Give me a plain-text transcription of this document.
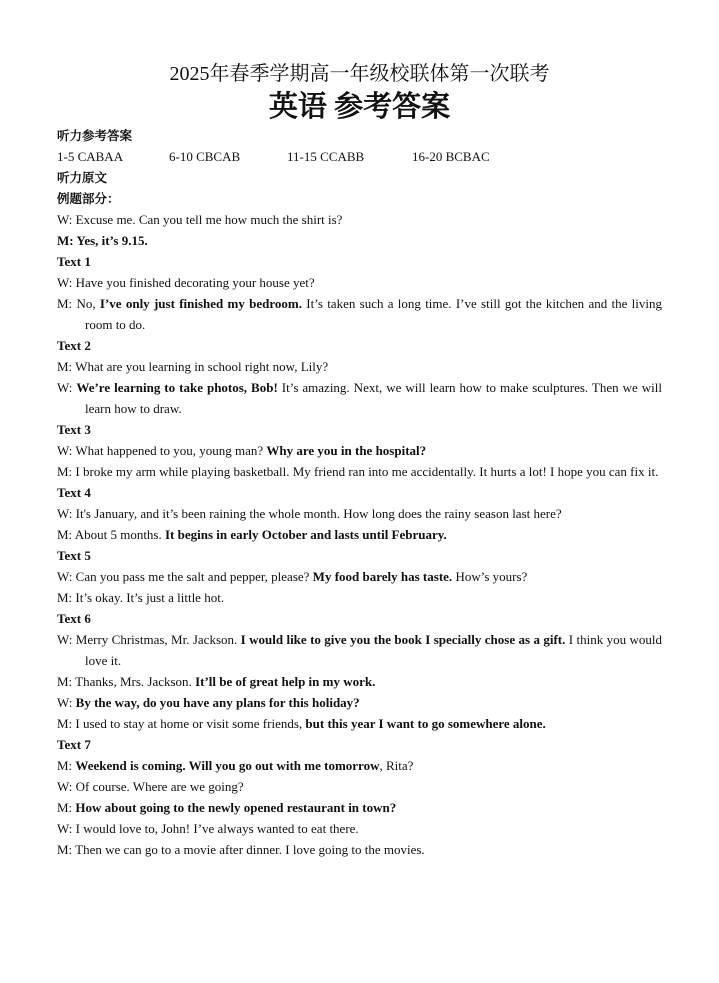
2025年春季学期高一年级校联体第一次联考
英语 参考答案

听力参考答案

1-5 CABAA	6-10 CBCAB	11-15 CCABB	16-20 BCBAC

听力原文

例题部分：

W: Excuse me. Can you tell me how much the shirt is?

M: Yes, it’s 9.15.

Text 1

W: Have you finished decorating your house yet?

M: No, I’ve only just finished my bedroom. It’s taken such a long time. I’ve still got the kitchen and the living room to do.

Text 2

M: What are you learning in school right now, Lily?

W: We’re learning to take photos, Bob! It’s amazing. Next, we will learn how to make sculptures. Then we will learn how to draw.

Text 3

W: What happened to you, young man? Why are you in the hospital?

M: I broke my arm while playing basketball. My friend ran into me accidentally. It hurts a lot! I hope you can fix it.

Text 4

W: It's January, and it’s been raining the whole month. How long does the rainy season last here?

M: About 5 months. It begins in early October and lasts until February.

Text 5

W: Can you pass me the salt and pepper, please? My food barely has taste. How’s yours?

M: It’s okay. It’s just a little hot.

Text 6

W: Merry Christmas, Mr. Jackson. I would like to give you the book I specially chose as a gift. I think you would love it.

M: Thanks, Mrs. Jackson. It’ll be of great help in my work.

W: By the way, do you have any plans for this holiday?

M: I used to stay at home or visit some friends, but this year I want to go somewhere alone.

Text 7

M: Weekend is coming. Will you go out with me tomorrow, Rita?

W: Of course. Where are we going?

M: How about going to the newly opened restaurant in town?

W: I would love to, John! I’ve always wanted to eat there.

M: Then we can go to a movie after dinner. I love going to the movies.
